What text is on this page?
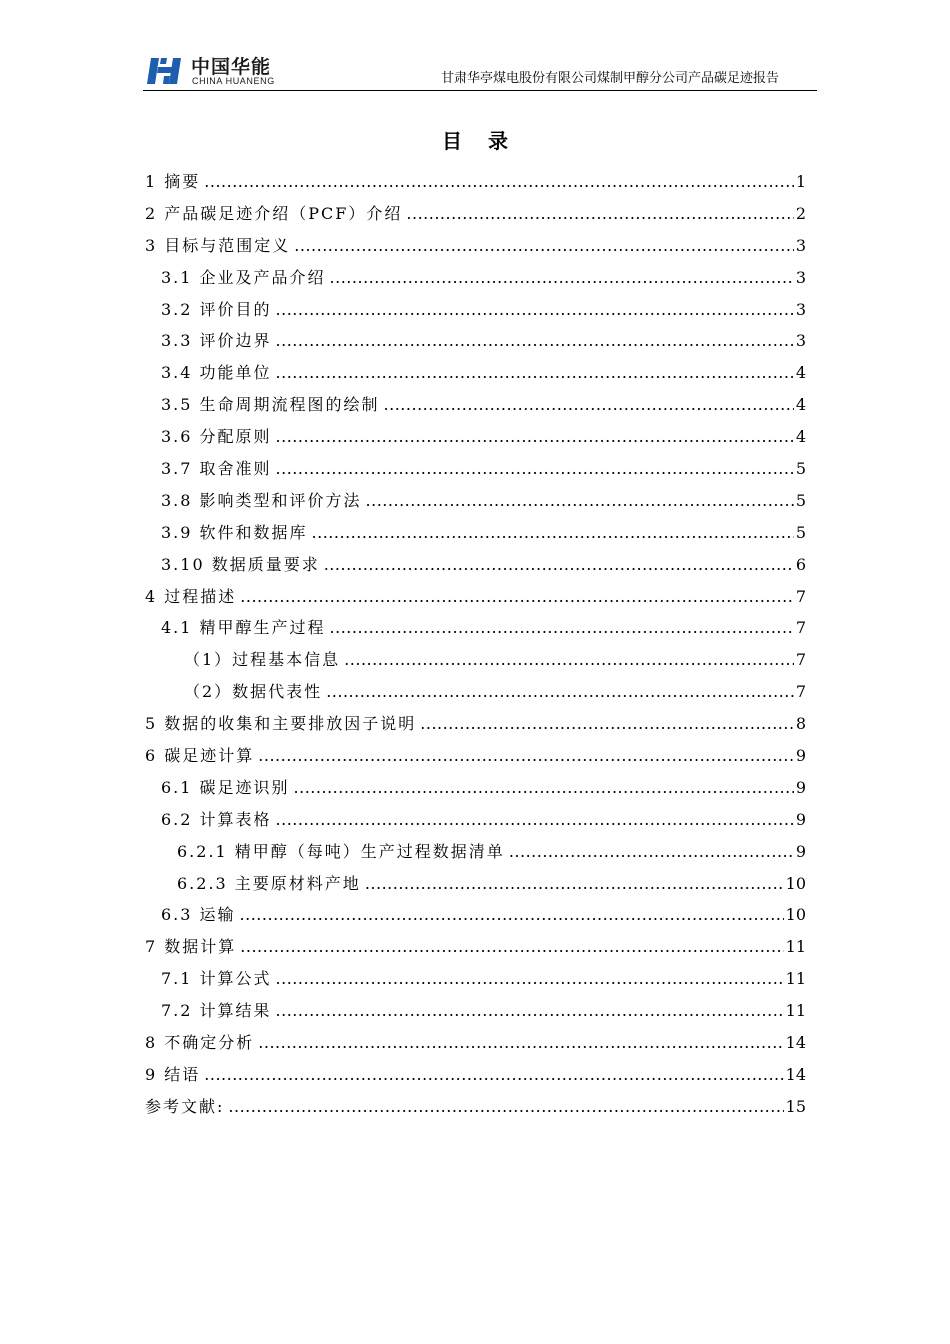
中国华能
CHINA HUANENG	甘肃华亭煤电股份有限公司煤制甲醇分公司产品碳足迹报告
目录
1 摘要 .....	1
2 产品碳足迹介绍（PCF）介绍 .....	2
3 目标与范围定义 .....	3
3.1 企业及产品介绍 .....	3
3.2 评价目的 .....	3
3.3 评价边界 .....	3
3.4 功能单位 .....	4
3.5 生命周期流程图的绘制 .....	4
3.6 分配原则 .....	4
3.7 取舍准则 .....	5
3.8 影响类型和评价方法 .....	5
3.9 软件和数据库 .....	5
3.10 数据质量要求 .....	6
4 过程描述 .....	7
4.1 精甲醇生产过程 .....	7
（1）过程基本信息 .....	7
（2）数据代表性 .....	7
5 数据的收集和主要排放因子说明 .....	8
6 碳足迹计算 .....	9
6.1 碳足迹识别 .....	9
6.2 计算表格 .....	9
6.2.1 精甲醇（每吨）生产过程数据清单 .....	9
6.2.3 主要原材料产地 .....	10
6.3 运输 .....	10
7 数据计算 .....	11
7.1 计算公式 .....	11
7.2 计算结果 .....	11
8 不确定分析 .....	14
9 结语 .....	14
参考文献: .....	15
